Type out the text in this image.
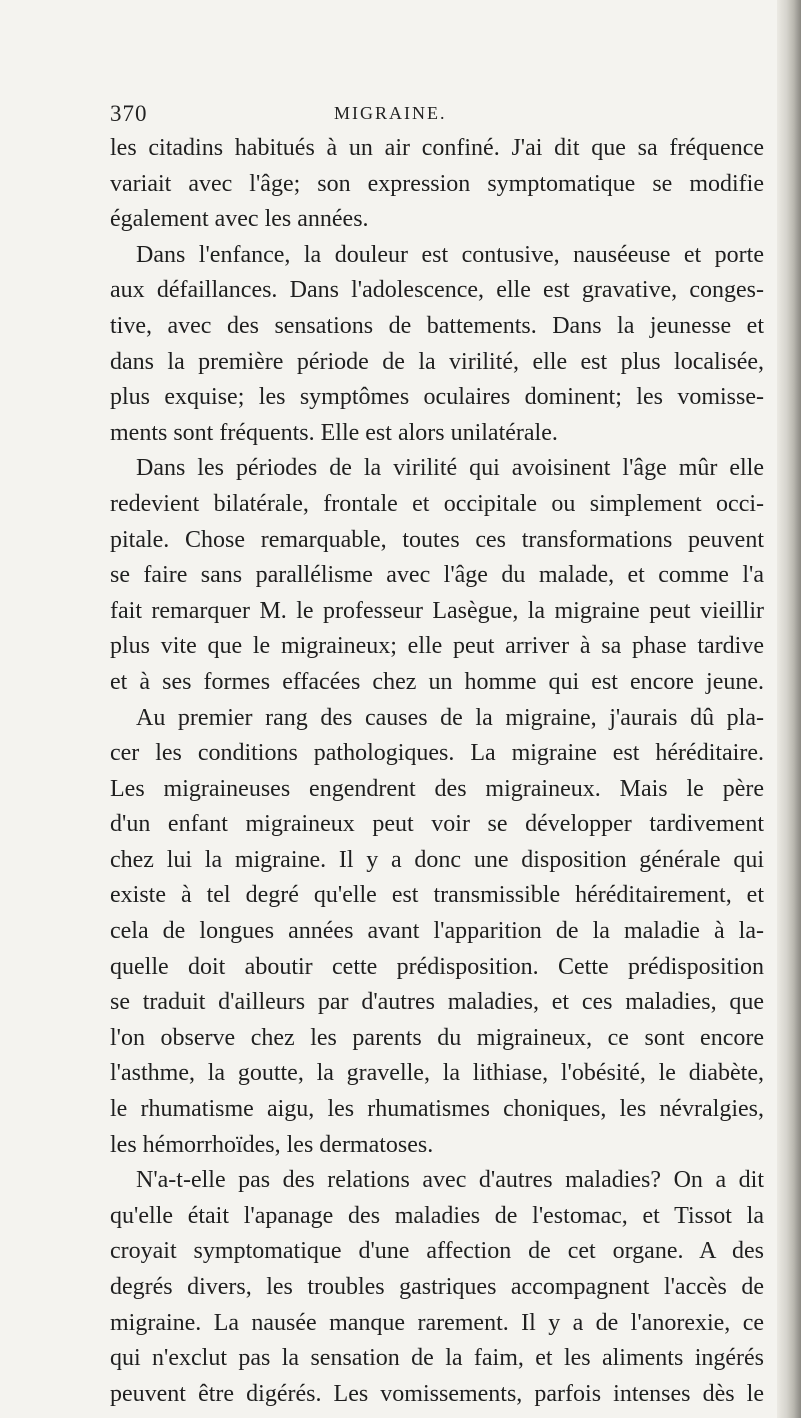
370	MIGRAINE.
les citadins habitués à un air confiné. J'ai dit que sa fréquence
variait avec l'âge; son expression symptomatique se modifie
également avec les années.
Dans l'enfance, la douleur est contusive, nauséeuse et porte
aux défaillances. Dans l'adolescence, elle est gravative, conges-
tive, avec des sensations de battements. Dans la jeunesse et
dans la première période de la virilité, elle est plus localisée,
plus exquise; les symptômes oculaires dominent; les vomisse-
ments sont fréquents. Elle est alors unilatérale.
Dans les périodes de la virilité qui avoisinent l'âge mûr elle
redevient bilatérale, frontale et occipitale ou simplement occi-
pitale. Chose remarquable, toutes ces transformations peuvent
se faire sans parallélisme avec l'âge du malade, et comme l'a
fait remarquer M. le professeur Lasègue, la migraine peut vieillir
plus vite que le migraineux; elle peut arriver à sa phase tardive
et à ses formes effacées chez un homme qui est encore jeune.
Au premier rang des causes de la migraine, j'aurais dû pla-
cer les conditions pathologiques. La migraine est héréditaire.
Les migraineuses engendrent des migraineux. Mais le père
d'un enfant migraineux peut voir se développer tardivement
chez lui la migraine. Il y a donc une disposition générale qui
existe à tel degré qu'elle est transmissible héréditairement, et
cela de longues années avant l'apparition de la maladie à la-
quelle doit aboutir cette prédisposition. Cette prédisposition
se traduit d'ailleurs par d'autres maladies, et ces maladies, que
l'on observe chez les parents du migraineux, ce sont encore
l'asthme, la goutte, la gravelle, la lithiase, l'obésité, le diabète,
le rhumatisme aigu, les rhumatismes choniques, les névralgies,
les hémorrhoïdes, les dermatoses.
N'a-t-elle pas des relations avec d'autres maladies? On a dit
qu'elle était l'apanage des maladies de l'estomac, et Tissot la
croyait symptomatique d'une affection de cet organe. A des
degrés divers, les troubles gastriques accompagnent l'accès de
migraine. La nausée manque rarement. Il y a de l'anorexie, ce
qui n'exclut pas la sensation de la faim, et les aliments ingérés
peuvent être digérés. Les vomissements, parfois intenses dès le
